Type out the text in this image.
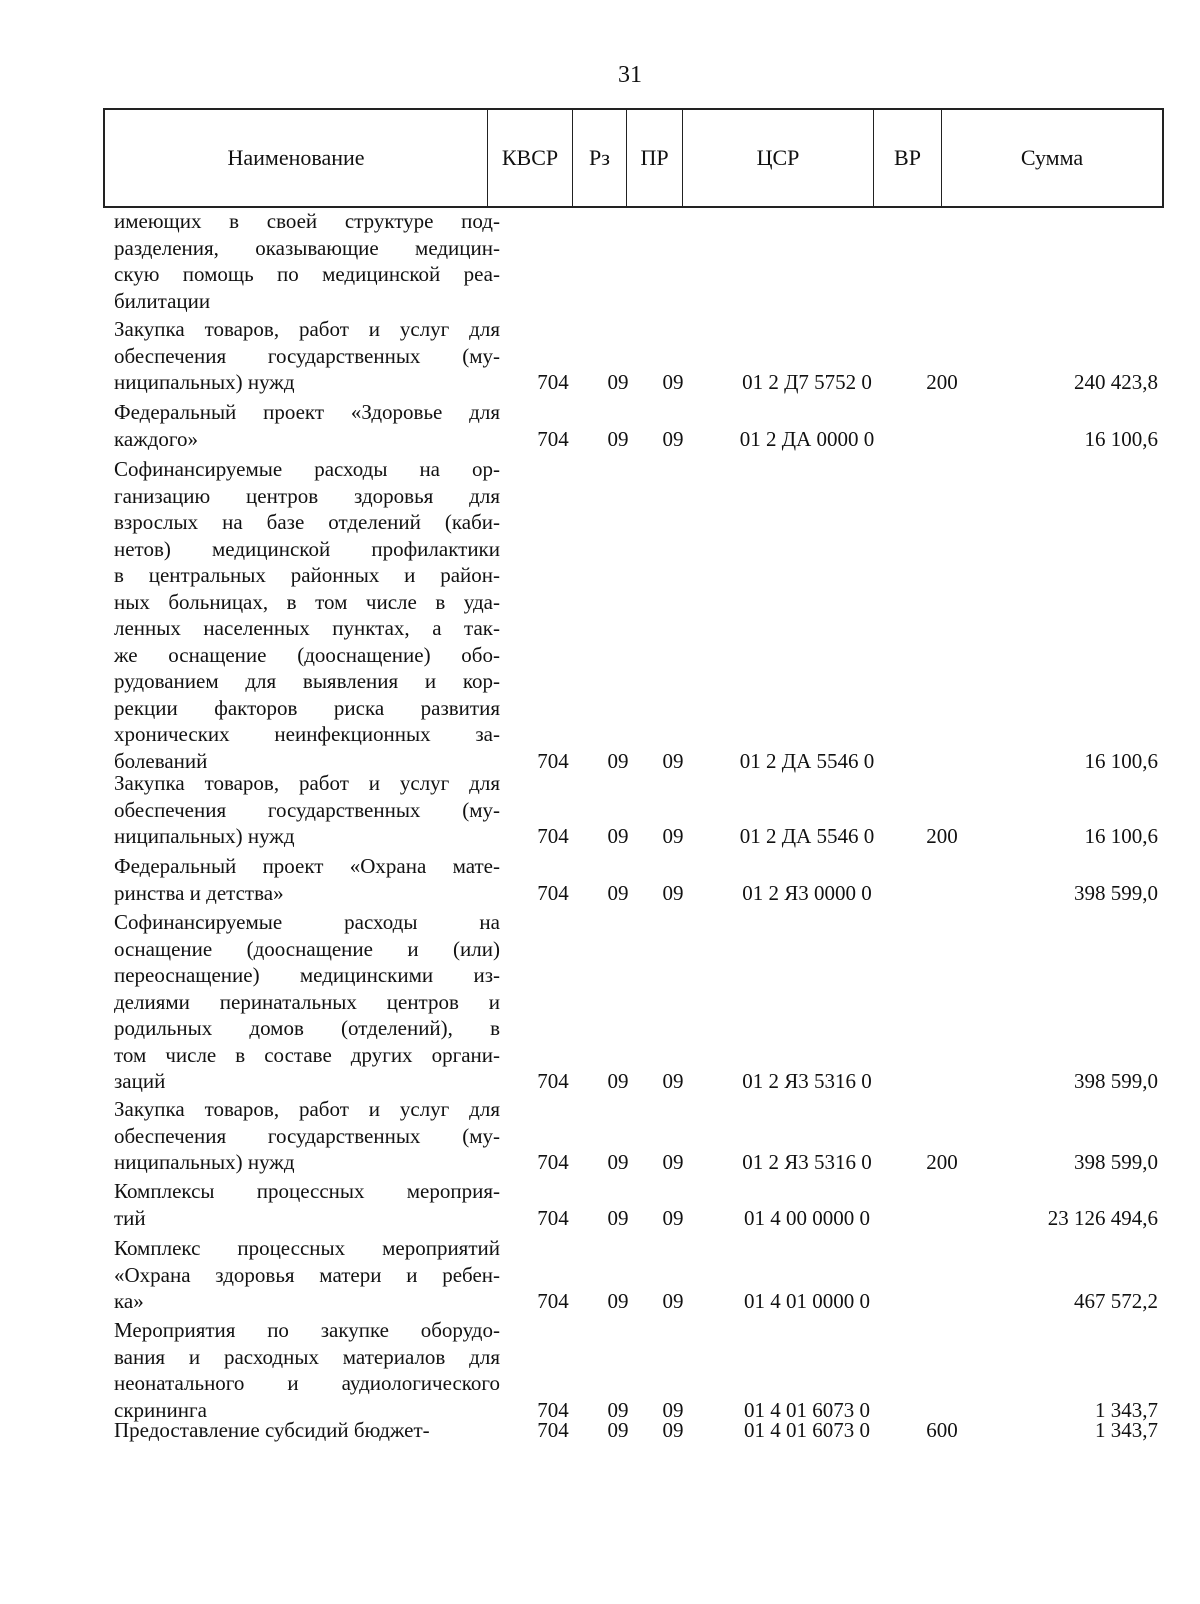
31
Наименование	КВСР	Рз	ПР	ЦСР	ВР	Сумма
имеющих в своей структуре под-
разделения, оказывающие медицин-
скую помощь по медицинской реа-
билитации
Закупка товаров, работ и услуг для
обеспечения государственных (му-
ниципальных) нужд	704	09	09	01 2 Д7 5752 0	200	240 423,8
Федеральный проект «Здоровье для
каждого»	704	09	09	01 2 ДА 0000 0	16 100,6
Софинансируемые расходы на ор-
ганизацию центров здоровья для
взрослых на базе отделений (каби-
нетов) медицинской профилактики
в центральных районных и район-
ных больницах, в том числе в уда-
ленных населенных пунктах, а так-
же оснащение (дооснащение) обо-
рудованием для выявления и кор-
рекции факторов риска развития
хронических неинфекционных за-
болеваний	704	09	09	01 2 ДА 5546 0	16 100,6
Закупка товаров, работ и услуг для
обеспечения государственных (му-
ниципальных) нужд	704	09	09	01 2 ДА 5546 0	200	16 100,6
Федеральный проект «Охрана мате-
ринства и детства»	704	09	09	01 2 Я3 0000 0	398 599,0
Софинансируемые расходы на
оснащение (дооснащение и (или)
переоснащение) медицинскими из-
делиями перинатальных центров и
родильных домов (отделений), в
том числе в составе других органи-
заций	704	09	09	01 2 Я3 5316 0	398 599,0
Закупка товаров, работ и услуг для
обеспечения государственных (му-
ниципальных) нужд	704	09	09	01 2 Я3 5316 0	200	398 599,0
Комплексы процессных мероприя-
тий	704	09	09	01 4 00 0000 0	23 126 494,6
Комплекс процессных мероприятий
«Охрана здоровья матери и ребен-
ка»	704	09	09	01 4 01 0000 0	467 572,2
Мероприятия по закупке оборудо-
вания и расходных материалов для
неонатального и аудиологического
скрининга	704	09	09	01 4 01 6073 0	1 343,7
Предоставление субсидий бюджет-	704	09	09	01 4 01 6073 0	600	1 343,7
